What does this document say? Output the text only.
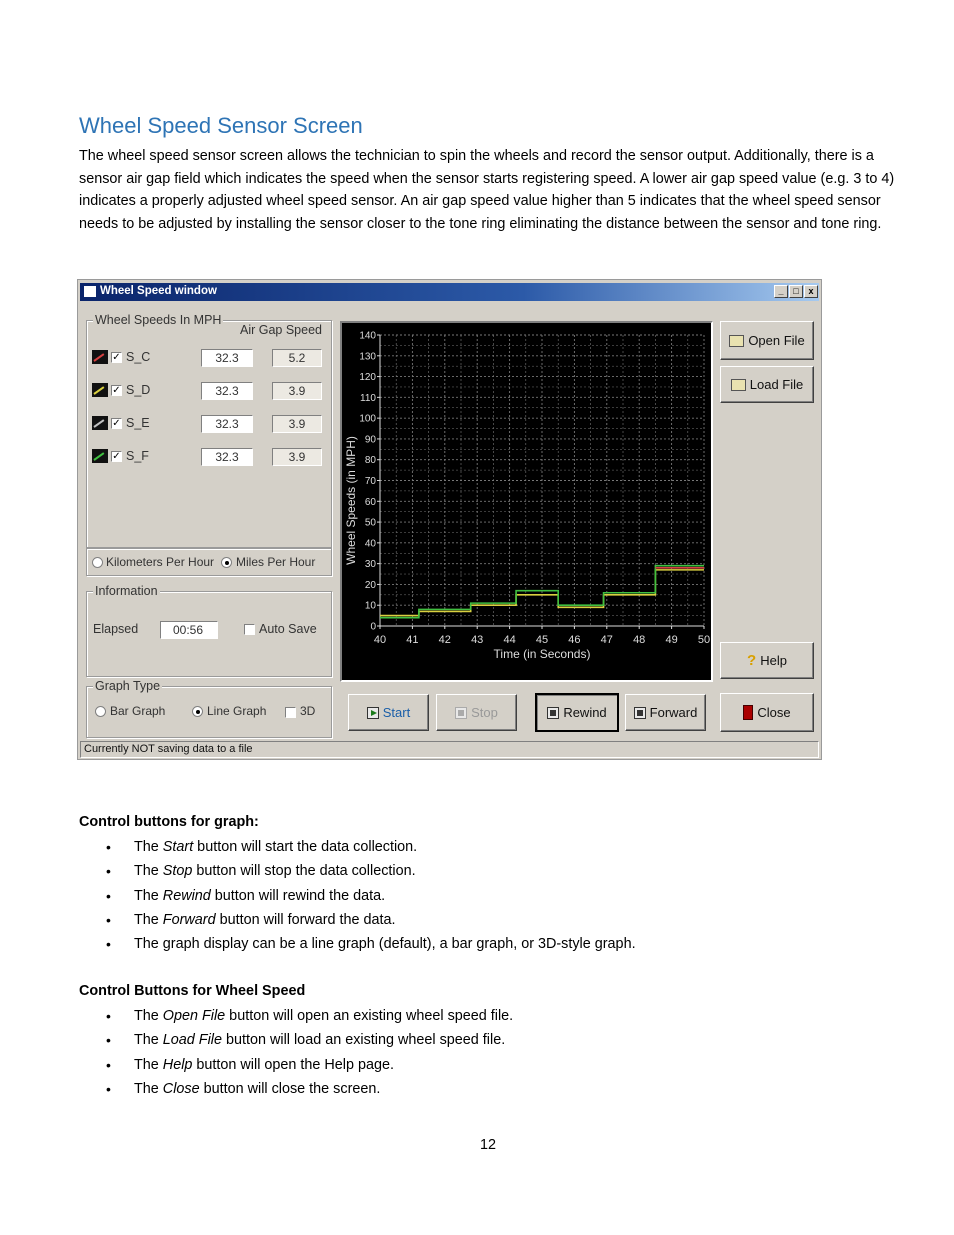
Wheel Speed Sensor Screen

The wheel speed sensor screen allows the technician to spin the wheels and record the sensor output. Additionally, there is a sensor air gap field which indicates the speed when the sensor starts registering speed. A lower air gap speed value (e.g. 3 to 4) indicates a properly adjusted wheel speed sensor. An air gap speed value higher than 5 indicates that the wheel speed sensor needs to be adjusted by installing the sensor closer to the tone ring eliminating the distance between the sensor and tone ring.

Wheel Speed window	_	□	x
Wheel Speeds In MPH
Air Gap Speed
✓ S_C	32.3	5.2
✓ S_D	32.3	3.9
✓ S_E	32.3	3.9
✓ S_F	32.3	3.9
Kilometers Per Hour Miles Per Hour
Information
Elapsed	00:56	Auto Save
Graph Type
Bar Graph	Line Graph	3D
0
10
20
30
40
50
60
70
80
90
100
110
120
130
140
40 41 42 43 44 45 46 47 48 49 50
Time (in Seconds)
Wheel Speeds (in MPH)
Open File
Load File
? Help
Close
Start	Stop	Rewind	Forward
Currently NOT saving data to a file
Control buttons for graph:
• The Start button will start the data collection.
• The Stop button will stop the data collection.
• The Rewind button will rewind the data.
• The Forward button will forward the data.
• The graph display can be a line graph (default), a bar graph, or 3D-style graph.
Control Buttons for Wheel Speed
• The Open File button will open an existing wheel speed file.
• The Load File button will load an existing wheel speed file.
• The Help button will open the Help page.
• The Close button will close the screen.
12
